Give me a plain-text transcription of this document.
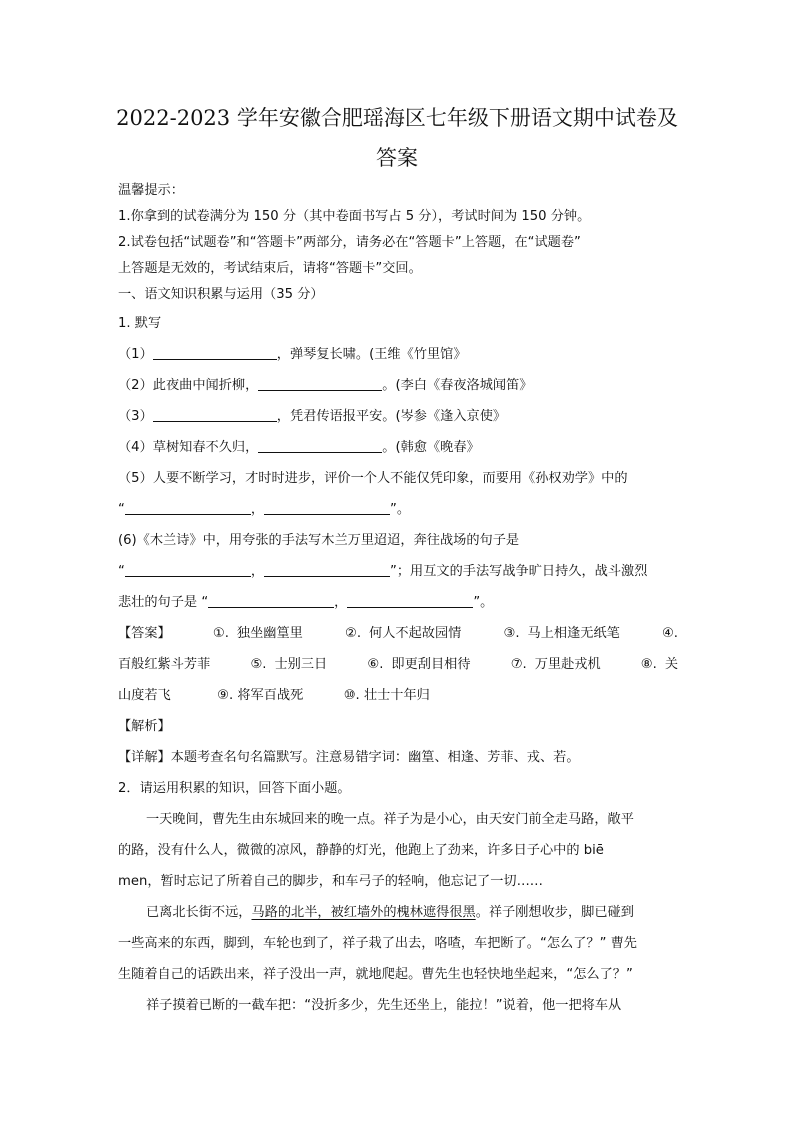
2022-2023 学年安徽合肥瑶海区七年级下册语文期中试卷及
答案
温馨提示：
1.你拿到的试卷满分为 150 分（其中卷面书写占 5 分），考试时间为 150 分钟。
2.试卷包括“试题卷”和“答题卡”两部分，请务必在“答题卡”上答题，在“试题卷”
上答题是无效的，考试结束后，请将“答题卡”交回。
一、语文知识积累与运用（35 分）
1. 默写
（1）	，弹琴复长啸。(王维《竹里馆》
（2）此夜曲中闻折柳，	。(李白《春夜洛城闻笛》
（3）	，凭君传语报平安。(岑参《逢入京使》
（4）草树知春不久归，	。(韩愈《晚春》
（5）人要不断学习，才时时进步，评价一个人不能仅凭印象，而要用《孙权劝学》中的
“	，	”。
(6)《木兰诗》中，用夸张的手法写木兰万里迢迢，奔往战场的句子是
“	，	”；用互文的手法写战争旷日持久，战斗激烈
悲壮的句子是 “	，	”。
【答案】	①. 独坐幽篁里	②. 何人不起故园情	③. 马上相逢无纸笔	④.
百般红紫斗芳菲	⑤. 士别三日	⑥. 即更刮目相待	⑦. 万里赴戎机	⑧. 关
山度若飞	⑨. 将军百战死	⑩. 壮士十年归
【解析】
【详解】本题考查名句名篇默写。注意易错字词：幽篁、相逢、芳菲、戎、若。
2．请运用积累的知识，回答下面小题。
一天晚间，曹先生由东城回来的晚一点。祥子为是小心，由天安门前全走马路，敞平
的路，没有什么人，微微的凉风，静静的灯光，他跑上了劲来，许多日子心中的 biē
men，暂时忘记了所着自己的脚步，和车弓子的轻响，他忘记了一切……
已离北长街不远，马路的北半，被红墙外的槐林遮得很黑。祥子刚想收步，脚已碰到
一些高来的东西，脚到，车轮也到了，祥子栽了出去，咯喳，车把断了。“怎么了？” 曹先
生随着自己的话跌出来，祥子没出一声，就地爬起。曹先生也轻快地坐起来，“怎么了？”
祥子摸着已断的一截车把：“没折多少，先生还坐上，能拉！”说着，他一把将车从
